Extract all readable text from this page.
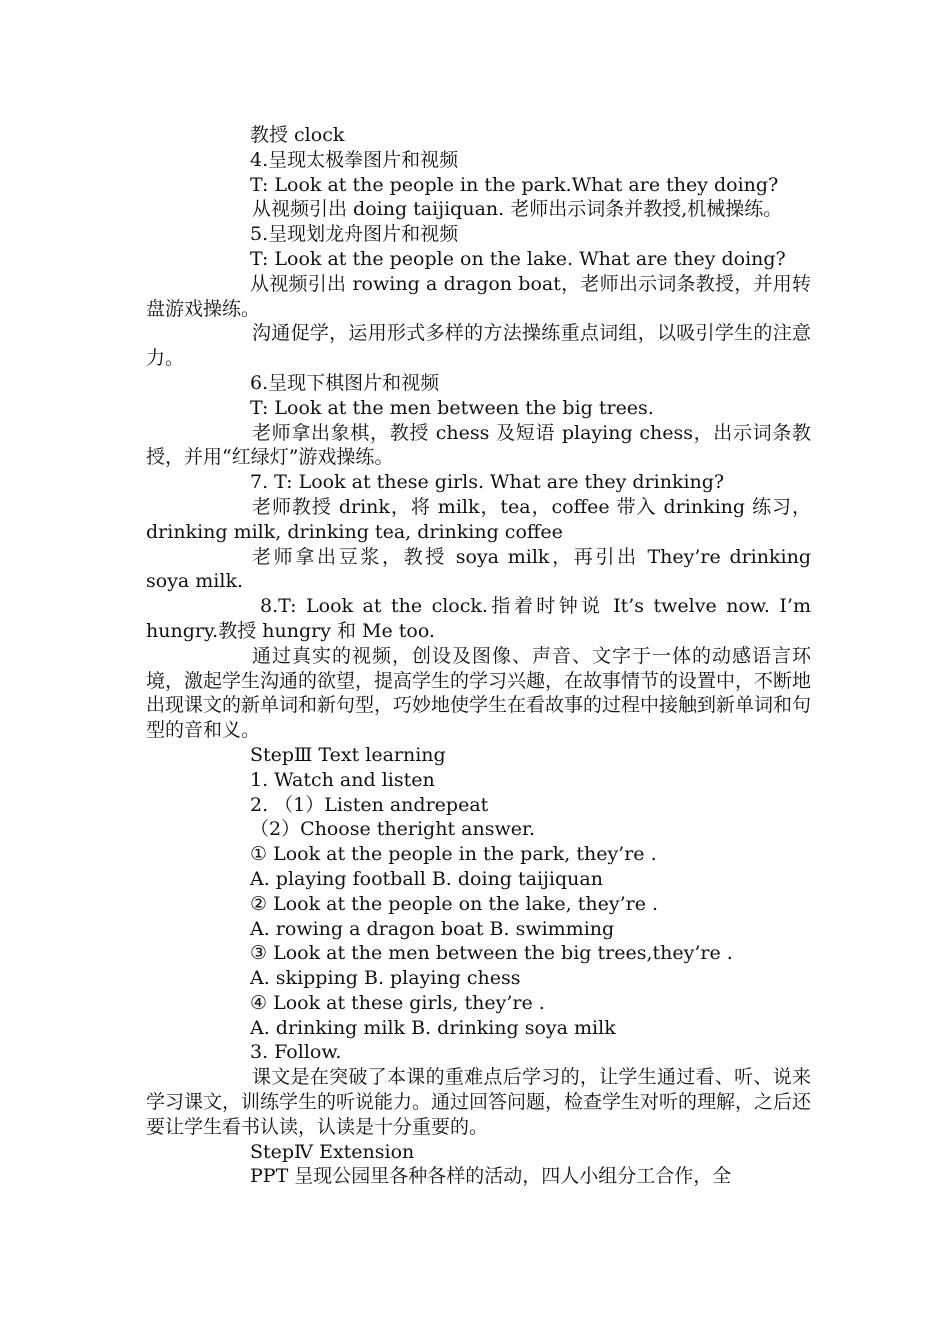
教授 clock

4.呈现太极拳图片和视频

T: Look at the people in the park.What are they doing?

从视频引出 doing taijiquan. 老师出示词条并教授,机械操练。

5.呈现划龙舟图片和视频

T: Look at the people on the lake. What are they doing?

从视频引出 rowing a dragon boat，老师出示词条教授，并用转盘游戏操练。

沟通促学，运用形式多样的方法操练重点词组，以吸引学生的注意力。

6.呈现下棋图片和视频

T: Look at the men between the big trees.

老师拿出象棋，教授 chess 及短语 playing chess，出示词条教授，并用“红绿灯”游戏操练。

7. T: Look at these girls. What are they drinking?

老师教授 drink，将 milk，tea，coffee 带入 drinking 练习，drinking milk, drinking tea, drinking coffee

老师拿出豆浆，教授 soya milk，再引出 They’re drinking soya milk.

8.T: Look at the clock.指着时钟说 It’s twelve now. I’m hungry.教授 hungry 和 Me too.

通过真实的视频，创设及图像、声音、文字于一体的动感语言环境，激起学生沟通的欲望，提高学生的学习兴趣，在故事情节的设置中，不断地出现课文的新单词和新句型，巧妙地使学生在看故事的过程中接触到新单词和句型的音和义。

StepⅢ Text learning

1. Watch and listen

2. （1）Listen andrepeat

（2）Choose theright answer.

① Look at the people in the park, they’re .

A. playing football B. doing taijiquan

② Look at the people on the lake, they’re .

A. rowing a dragon boat B. swimming

③ Look at the men between the big trees,they’re .

A. skipping B. playing chess

④ Look at these girls, they’re .

A. drinking milk B. drinking soya milk

3. Follow.

课文是在突破了本课的重难点后学习的，让学生通过看、听、说来学习课文，训练学生的听说能力。通过回答问题，检查学生对听的理解，之后还要让学生看书认读，认读是十分重要的。

StepⅣ Extension

PPT 呈现公园里各种各样的活动，四人小组分工合作，全
